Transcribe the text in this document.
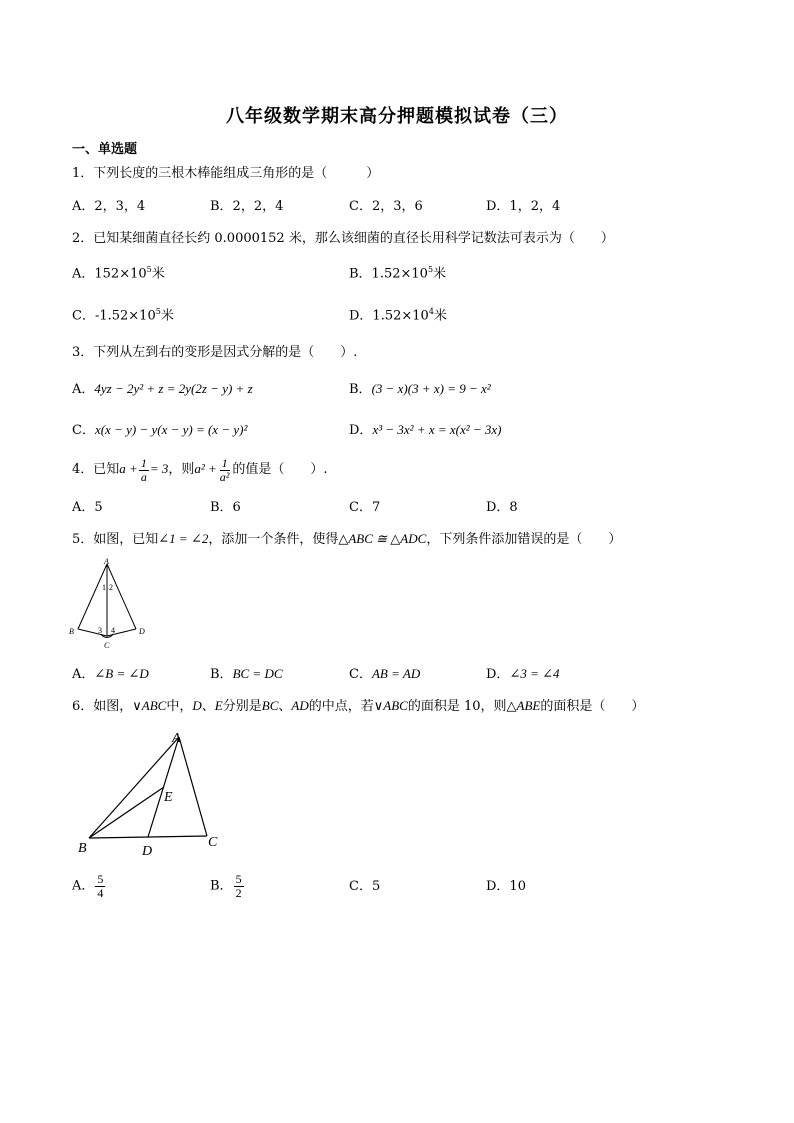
八年级数学期末高分押题模拟试卷（三）
一、单选题
1．下列长度的三根木棒能组成三角形的是（　　　）
A．2，3，4	B．2，2，4	C．2，3，6	D．1，2，4
2．已知某细菌直径长约 0.0000152 米，那么该细菌的直径长用科学记数法可表示为（　　）
A．$152\times 10^5$米	B．$1.52\times 10^5$米
C．$-1.52\times 10^5$米	D．$1.52\times 10^4$米
3．下列从左到右的变形是因式分解的是（　　）.
A．4yz − 2y² + z = 2y(2z − y) + z	B．(3 − x)(3 + x) = 9 − x²
C．x(x − y) − y(x − y) = (x − y)²	D．x³ − 3x² + x = x(x² − 3x)
4．已知$a + \frac{1}{a} = 3$，则$a^2 + \frac{1}{\text{a²}}$ 的值是（　　）.
A．5	B．6	C．7	D．8
5．如图，已知∠1 = ∠2，添加一个条件，使得△ABC ≅ △ADC，下列条件添加错误的是（　　）
A
B
C
D
1 2
3 4
A．∠B = ∠D	B．BC = DC	C．AB = AD	D．∠3 = ∠4
6．如图，∨ABC中，D、E分别是BC、AD的中点，若∨ABC的面积是 10，则△ABE的面积是（　　）
A
B	C
D
E
A． $\frac{5}{4}$	B． $\frac{5}{2}$	C．5	D．10
